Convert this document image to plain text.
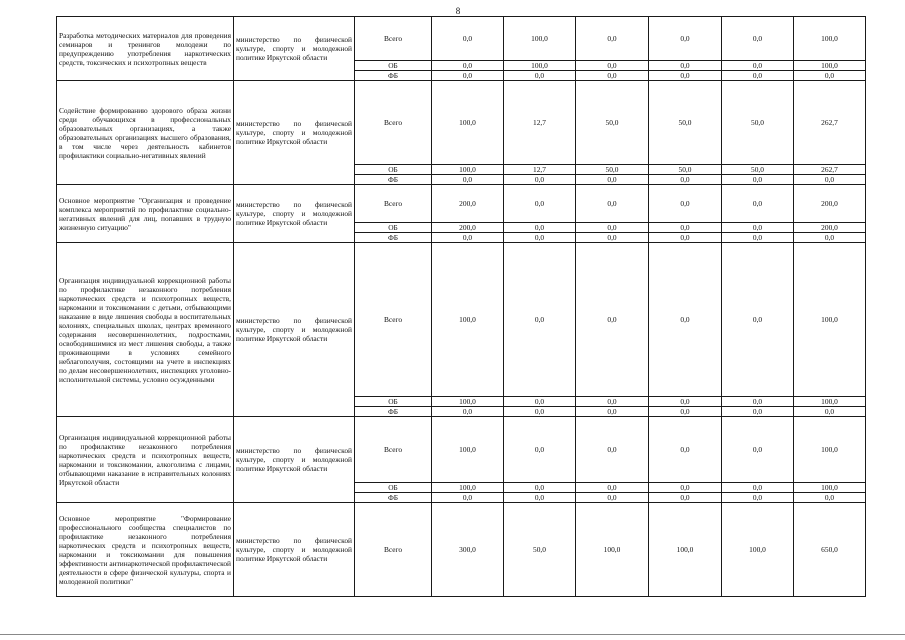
8
Разработка методических материалов для проведения семинаров и тренингов молодежи по предупреждению употребления наркотических средств, токсических и психотропных веществ	министерство по физической культуре, спорту и молодежной политике Иркутской области	Всего	0,0	100,0	0,0	0,0	0,0	100,0
		ОБ	0,0	100,0	0,0	0,0	0,0	100,0
		ФБ	0,0	0,0	0,0	0,0	0,0	0,0
Содействие формированию здорового образа жизни среди обучающихся в профессиональных образовательных организациях, а также образовательных организациях высшего образования, в том числе через деятельность кабинетов профилактики социально-негативных явлений	министерство по физической культуре, спорту и молодежной политике Иркутской области	Всего	100,0	12,7	50,0	50,0	50,0	262,7
		ОБ	100,0	12,7	50,0	50,0	50,0	262,7
		ФБ	0,0	0,0	0,0	0,0	0,0	0,0
Основное мероприятие "Организация и проведение комплекса мероприятий по профилактике социально-негативных явлений для лиц, попавших в трудную жизненную ситуацию"	министерство по физической культуре, спорту и молодежной политике Иркутской области	Всего	200,0	0,0	0,0	0,0	0,0	200,0
		ОБ	200,0	0,0	0,0	0,0	0,0	200,0
		ФБ	0,0	0,0	0,0	0,0	0,0	0,0
Организация индивидуальной коррекционной работы по профилактике незаконного потребления наркотических средств и психотропных веществ, наркомании и токсикомании с детьми, отбывающими наказание в виде лишения свободы в воспитательных колониях, специальных школах, центрах временного содержания несовершеннолетних, подростками, освободившимися из мест лишения свободы, а также проживающими в условиях семейного неблагополучия, состоящими на учете в инспекциях по делам несовершеннолетних, инспекциях уголовно-исполнительной системы, условно осужденными	министерство по физической культуре, спорту и молодежной политике Иркутской области	Всего	100,0	0,0	0,0	0,0	0,0	100,0
		ОБ	100,0	0,0	0,0	0,0	0,0	100,0
		ФБ	0,0	0,0	0,0	0,0	0,0	0,0
Организация индивидуальной коррекционной работы по профилактике незаконного потребления наркотических средств и психотропных веществ, наркомании и токсикомании, алкоголизма с лицами, отбывающими наказание в исправительных колониях Иркутской области	министерство по физической культуре, спорту и молодежной политике Иркутской области	Всего	100,0	0,0	0,0	0,0	0,0	100,0
		ОБ	100,0	0,0	0,0	0,0	0,0	100,0
		ФБ	0,0	0,0	0,0	0,0	0,0	0,0
Основное мероприятие "Формирование профессионального сообщества специалистов по профилактике незаконного потребления наркотических средств и психотропных веществ, наркомании и токсикомании для повышения эффективности антинаркотической профилактической деятельности в сфере физической культуры, спорта и молодежной политики"	министерство по физической культуре, спорту и молодежной политике Иркутской области	Всего	300,0	50,0	100,0	100,0	100,0	650,0
